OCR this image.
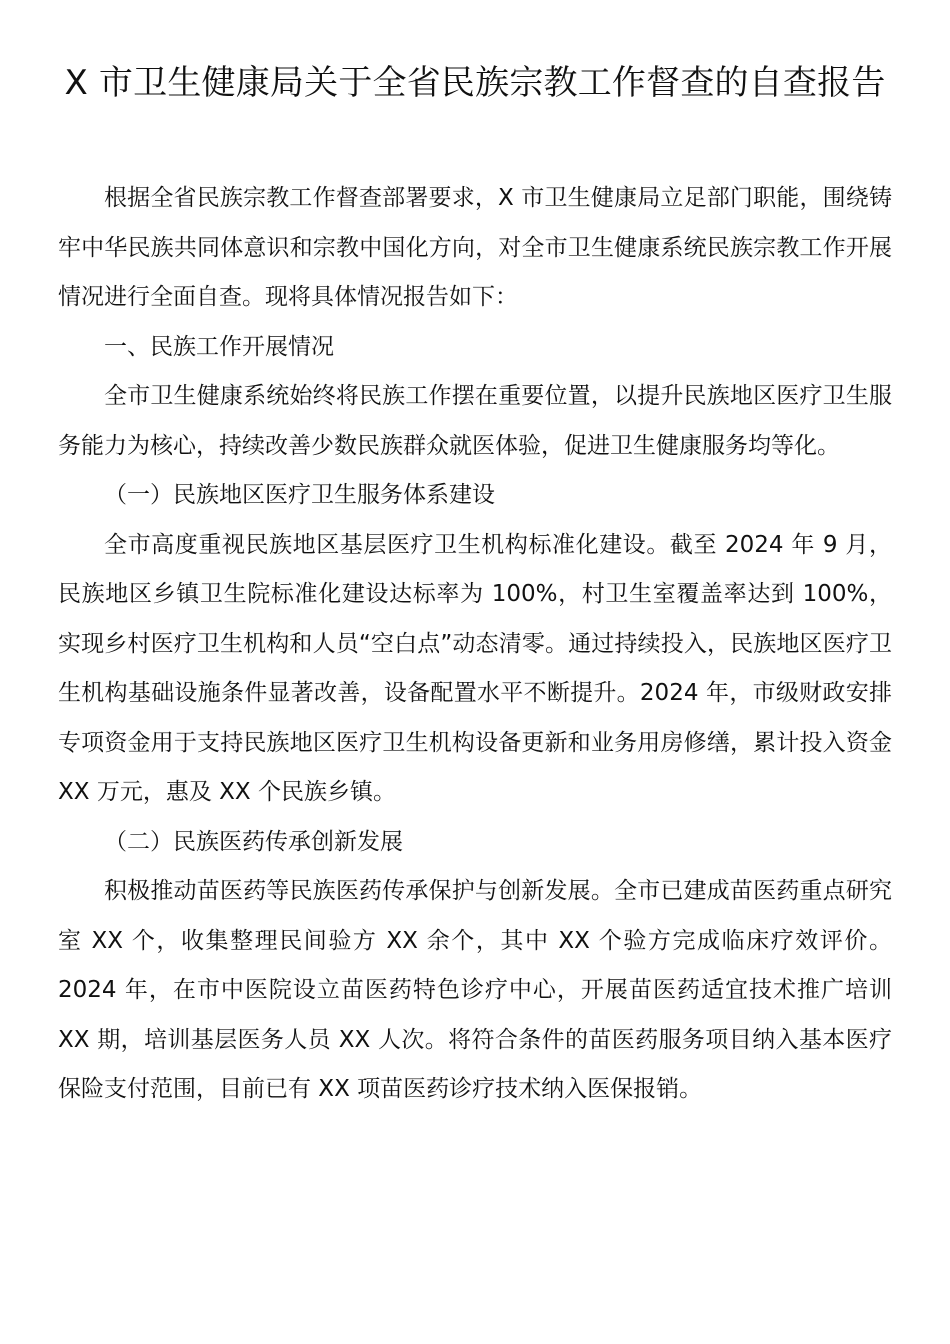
X 市卫生健康局关于全省民族宗教工作督查的自查报告

根据全省民族宗教工作督查部署要求，X 市卫生健康局立足部门职能，围绕铸牢中华民族共同体意识和宗教中国化方向，对全市卫生健康系统民族宗教工作开展情况进行全面自查。现将具体情况报告如下：

一、民族工作开展情况

全市卫生健康系统始终将民族工作摆在重要位置，以提升民族地区医疗卫生服务能力为核心，持续改善少数民族群众就医体验，促进卫生健康服务均等化。

（一）民族地区医疗卫生服务体系建设

全市高度重视民族地区基层医疗卫生机构标准化建设。截至 2024 年 9 月，民族地区乡镇卫生院标准化建设达标率为 100%，村卫生室覆盖率达到 100%，实现乡村医疗卫生机构和人员“空白点”动态清零。通过持续投入，民族地区医疗卫生机构基础设施条件显著改善，设备配置水平不断提升。2024 年，市级财政安排专项资金用于支持民族地区医疗卫生机构设备更新和业务用房修缮，累计投入资金 XX 万元，惠及 XX 个民族乡镇。

（二）民族医药传承创新发展

积极推动苗医药等民族医药传承保护与创新发展。全市已建成苗医药重点研究室 XX 个，收集整理民间验方 XX 余个，其中 XX 个验方完成临床疗效评价。2024 年，在市中医院设立苗医药特色诊疗中心，开展苗医药适宜技术推广培训 XX 期，培训基层医务人员 XX 人次。将符合条件的苗医药服务项目纳入基本医疗保险支付范围，目前已有 XX 项苗医药诊疗技术纳入医保报销。
